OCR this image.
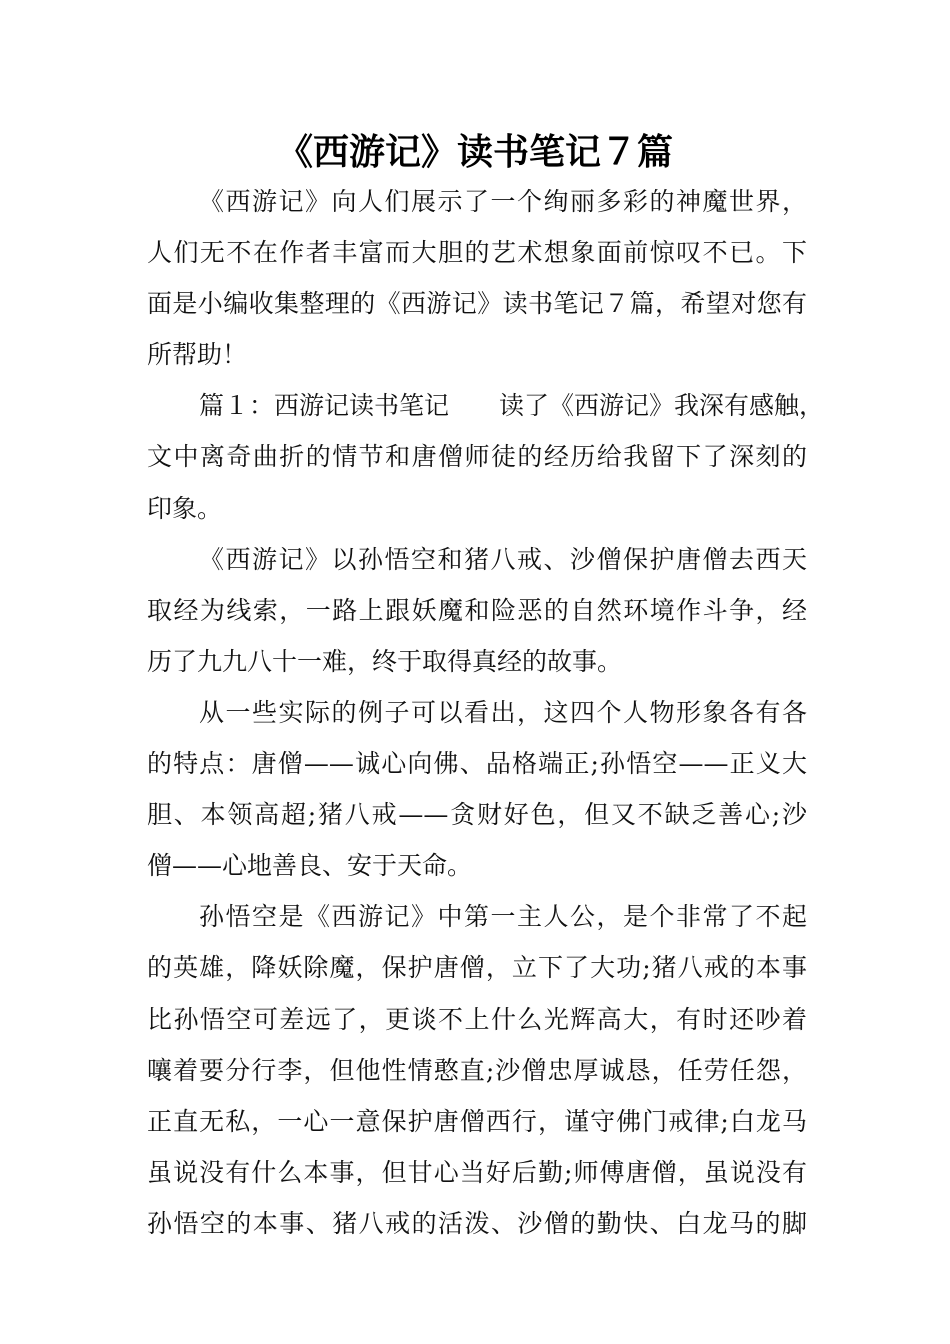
《西游记》读书笔记７篇
《西游记》向人们展示了一个绚丽多彩的神魔世界，
人们无不在作者丰富而大胆的艺术想象面前惊叹不已。下
面是小编收集整理的《西游记》读书笔记７篇，希望对您有
所帮助！
篇１：西游记读书笔记　　读了《西游记》我深有感触，
文中离奇曲折的情节和唐僧师徒的经历给我留下了深刻的
印象。
《西游记》以孙悟空和猪八戒、沙僧保护唐僧去西天
取经为线索，一路上跟妖魔和险恶的自然环境作斗争，经
历了九九八十一难，终于取得真经的故事。
从一些实际的例子可以看出，这四个人物形象各有各
的特点：唐僧——诚心向佛、品格端正;孙悟空——正义大
胆、本领高超;猪八戒——贪财好色，但又不缺乏善心;沙
僧——心地善良、安于天命。
孙悟空是《西游记》中第一主人公，是个非常了不起
的英雄，降妖除魔，保护唐僧，立下了大功;猪八戒的本事
比孙悟空可差远了，更谈不上什么光辉高大，有时还吵着
嚷着要分行李，但他性情憨直;沙僧忠厚诚恳，任劳任怨，
正直无私，一心一意保护唐僧西行，谨守佛门戒律;白龙马
虽说没有什么本事，但甘心当好后勤;师傅唐僧，虽说没有
孙悟空的本事、猪八戒的活泼、沙僧的勤快、白龙马的脚
